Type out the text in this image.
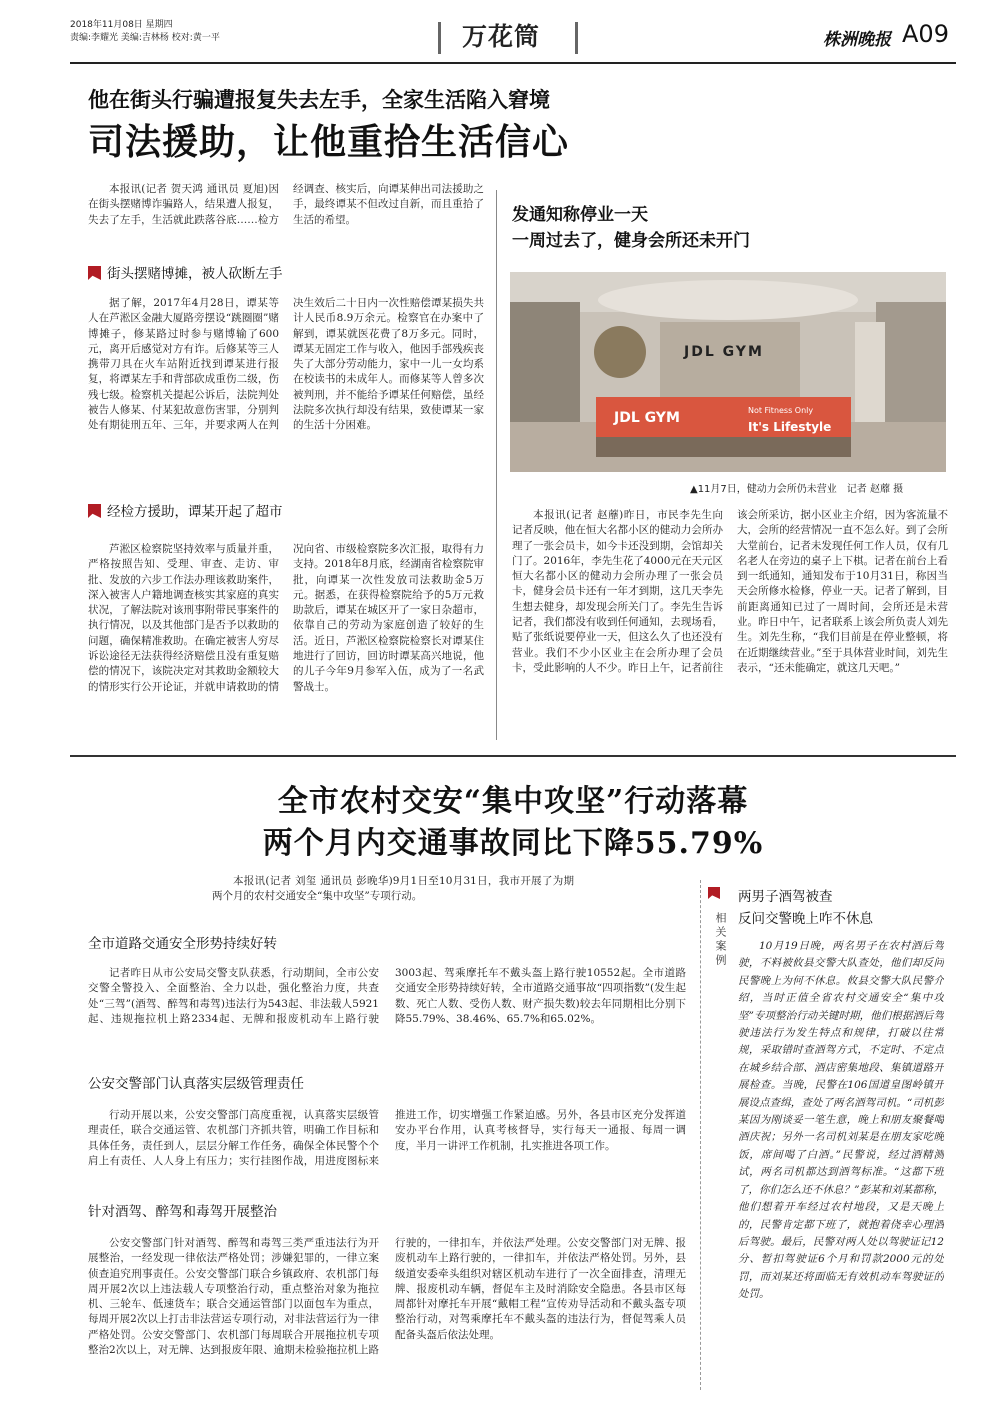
2018年11月08日 星期四
责编:李耀光 美编:吉林杨 校对:黄一平	万花筒	株洲晚报 A09
他在街头行骗遭报复失去左手，全家生活陷入窘境
司法援助，让他重拾生活信心

本报讯(记者 贺天鸿 通讯员 夏旭)因在街头摆赌博诈骗路人，结果遭人报复，失去了左手，生活就此跌落谷底……检方经调查、核实后，向谭某伸出司法援助之手，最终谭某不但改过自新，而且重拾了生活的希望。

街头摆赌博摊，被人砍断左手

据了解，2017年4月28日，谭某等人在芦淞区金融大厦路旁摆设“跳圈圈”赌博摊子，修某路过时参与赌博输了600元，离开后感觉对方有诈。后修某等三人携带刀具在火车站附近找到谭某进行报复，将谭某左手和背部砍成重伤二级，伤残七级。检察机关提起公诉后，法院判处被告人修某、付某犯故意伤害罪，分别判处有期徒刑五年、三年，并要求两人在判决生效后二十日内一次性赔偿谭某损失共计人民币8.9万余元。检察官在办案中了解到，谭某就医花费了8万多元。同时，谭某无固定工作与收入，他因手部残疾丧失了大部分劳动能力，家中一儿一女均系在校读书的未成年人。而修某等人曾多次被判刑，并不能给予谭某任何赔偿，虽经法院多次执行却没有结果，致使谭某一家的生活十分困难。

经检方援助，谭某开起了超市

芦淞区检察院坚持效率与质量并重，严格按照告知、受理、审查、走访、审批、发放的六步工作法办理该救助案件，深入被害人户籍地调查核实其家庭的真实状况，了解法院对该刑事附带民事案件的执行情况，以及其他部门是否予以救助的问题，确保精准救助。在确定被害人穷尽诉讼途径无法获得经济赔偿且没有重复赔偿的情况下，该院决定对其救助金额较大的情形实行公开论证，并就申请救助的情况向省、市级检察院多次汇报，取得有力支持。2018年8月底，经湖南省检察院审批，向谭某一次性发放司法救助金5万元。据悉，在获得检察院给予的5万元救助款后，谭某在城区开了一家日杂超市，依靠自己的劳动为家庭创造了较好的生活。近日，芦淞区检察院检察长对谭某住地进行了回访，回访时谭某高兴地说，他的儿子今年9月参军入伍，成为了一名武警战士。

发通知称停业一天
一周过去了，健身会所还未开门
JDL GYM
JDL GYM	Not Fitness Only
It's Lifestyle
▲11月7日，健动力会所仍未营业　记者 赵蘼 摄

本报讯(记者 赵蘼)昨日，市民李先生向记者反映，他在恒大名都小区的健动力会所办理了一张会员卡，如今卡还没到期，会馆却关门了。2016年，李先生花了4000元在天元区恒大名都小区的健动力会所办理了一张会员卡，健身会员卡还有一年才到期，这几天李先生想去健身，却发现会所关门了。李先生告诉记者，我们都没有收到任何通知，去现场看，贴了张纸说要停业一天，但这么久了也还没有营业。我们不少小区业主在会所办理了会员卡，受此影响的人不少。昨日上午，记者前往该会所采访，据小区业主介绍，因为客流量不大，会所的经营情况一直不怎么好。到了会所大堂前台，记者未发现任何工作人员，仅有几名老人在旁边的桌子上下棋。记者在前台上看到一纸通知，通知发布于10月31日，称因当天会所修水检修，停业一天。记者了解到，目前距离通知已过了一周时间，会所还是未营业。昨日中午，记者联系上该会所负责人刘先生。刘先生称，“我们目前是在停业整顿，将在近期继续营业。”至于具体营业时间，刘先生表示，“还未能确定，就这几天吧。”

全市农村交安“集中攻坚”行动落幕
两个月内交通事故同比下降55.79%

本报讯(记者 刘玺 通讯员 彭晚华)9月1日至10月31日，我市开展了为期两个月的农村交通安全“集中攻坚”专项行动。

全市道路交通安全形势持续好转

记者昨日从市公安局交警支队获悉，行动期间，全市公安交警全警投入、全面整治、全力以赴，强化整治力度，共查处“三驾”(酒驾、醉驾和毒驾)违法行为543起、非法载人5921起、违规拖拉机上路2334起、无牌和报废机动车上路行驶3003起、驾乘摩托车不戴头盔上路行驶10552起。全市道路交通安全形势持续好转，全市道路交通事故“四项指数”(发生起数、死亡人数、受伤人数、财产损失数)较去年同期相比分别下降55.79%、38.46%、65.7%和65.02%。

公安交警部门认真落实层级管理责任

行动开展以来，公安交警部门高度重视，认真落实层级管理责任，联合交通运管、农机部门齐抓共管，明确工作目标和具体任务，责任到人，层层分解工作任务，确保全体民警个个肩上有责任、人人身上有压力；实行挂图作战，用进度图标来推进工作，切实增强工作紧迫感。另外，各县市区充分发挥道安办平台作用，认真考核督导，实行每天一通报、每周一调度，半月一讲评工作机制，扎实推进各项工作。

针对酒驾、醉驾和毒驾开展整治

公安交警部门针对酒驾、醉驾和毒驾三类严重违法行为开展整治，一经发现一律依法严格处罚；涉嫌犯罪的，一律立案侦查追究刑事责任。公安交警部门联合乡镇政府、农机部门每周开展2次以上违法载人专项整治行动，重点整治对象为拖拉机、三轮车、低速货车；联合交通运管部门以面包车为重点，每周开展2次以上打击非法营运专项行动，对非法营运行为一律严格处罚。公安交警部门、农机部门每周联合开展拖拉机专项整治2次以上，对无牌、达到报废年限、逾期未检验拖拉机上路行驶的，一律扣车，并依法严处理。公安交警部门对无牌、报废机动车上路行驶的，一律扣车，并依法严格处罚。另外，县级道安委牵头组织对辖区机动车进行了一次全面排查，清理无牌、报废机动车辆，督促车主及时消除安全隐患。各县市区每周都针对摩托车开展“戴帽工程”宣传劝导活动和不戴头盔专项整治行动，对驾乘摩托车不戴头盔的违法行为，督促驾乘人员配备头盔后依法处理。

相关案例
两男子酒驾被查
反问交警晚上咋不休息

10月19日晚，两名男子在农村酒后驾驶，不料被攸县交警大队查处，他们却反问民警晚上为何不休息。攸县交警大队民警介绍，当时正值全省农村交通安全“集中攻坚”专项整治行动关键时期，他们根据酒后驾驶违法行为发生特点和规律，打破以往常规，采取错时查酒驾方式，不定时、不定点在城乡结合部、酒店密集地段、集镇道路开展检查。当晚，民警在106国道皇图岭镇开展设点查缉，查处了两名酒驾司机。“司机彭某因为刚谈妥一笔生意，晚上和朋友聚餐喝酒庆祝；另外一名司机刘某是在朋友家吃晚饭，席间喝了白酒。”民警说，经过酒精测试，两名司机都达到酒驾标准。“这都下班了，你们怎么还不休息？”彭某和刘某都称，他们想着开车经过农村地段，又是天晚上的，民警肯定都下班了，就抱着侥幸心理酒后驾驶。最后，民警对两人处以驾驶证记12分、暂扣驾驶证6个月和罚款2000元的处罚，而刘某还将面临无有效机动车驾驶证的处罚。
